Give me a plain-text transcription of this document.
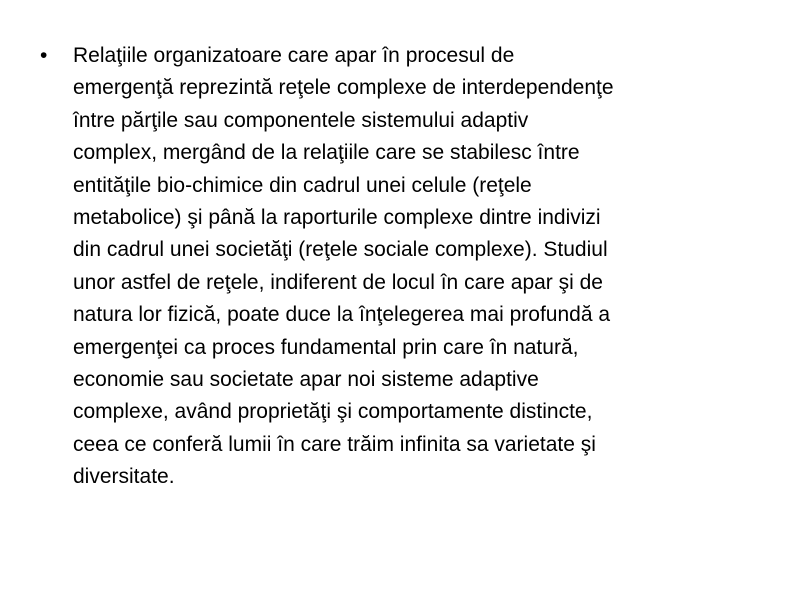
•	Relaţiile organizatoare care apar în procesul de
emergenţă reprezintă reţele complexe de interdependenţe
între părţile sau componentele sistemului adaptiv
complex, mergând de la relaţiile care se stabilesc între
entităţile bio-chimice din cadrul unei celule (reţele
metabolice) şi până la raporturile complexe dintre indivizi
din cadrul unei societăţi (reţele sociale complexe). Studiul
unor astfel de reţele, indiferent de locul în care apar şi de
natura lor fizică, poate duce la înţelegerea mai profundă a
emergenţei ca proces fundamental prin care în natură,
economie sau societate apar noi sisteme adaptive
complexe, având proprietăţi şi comportamente distincte,
ceea ce conferă lumii în care trăim infinita sa varietate şi
diversitate.
